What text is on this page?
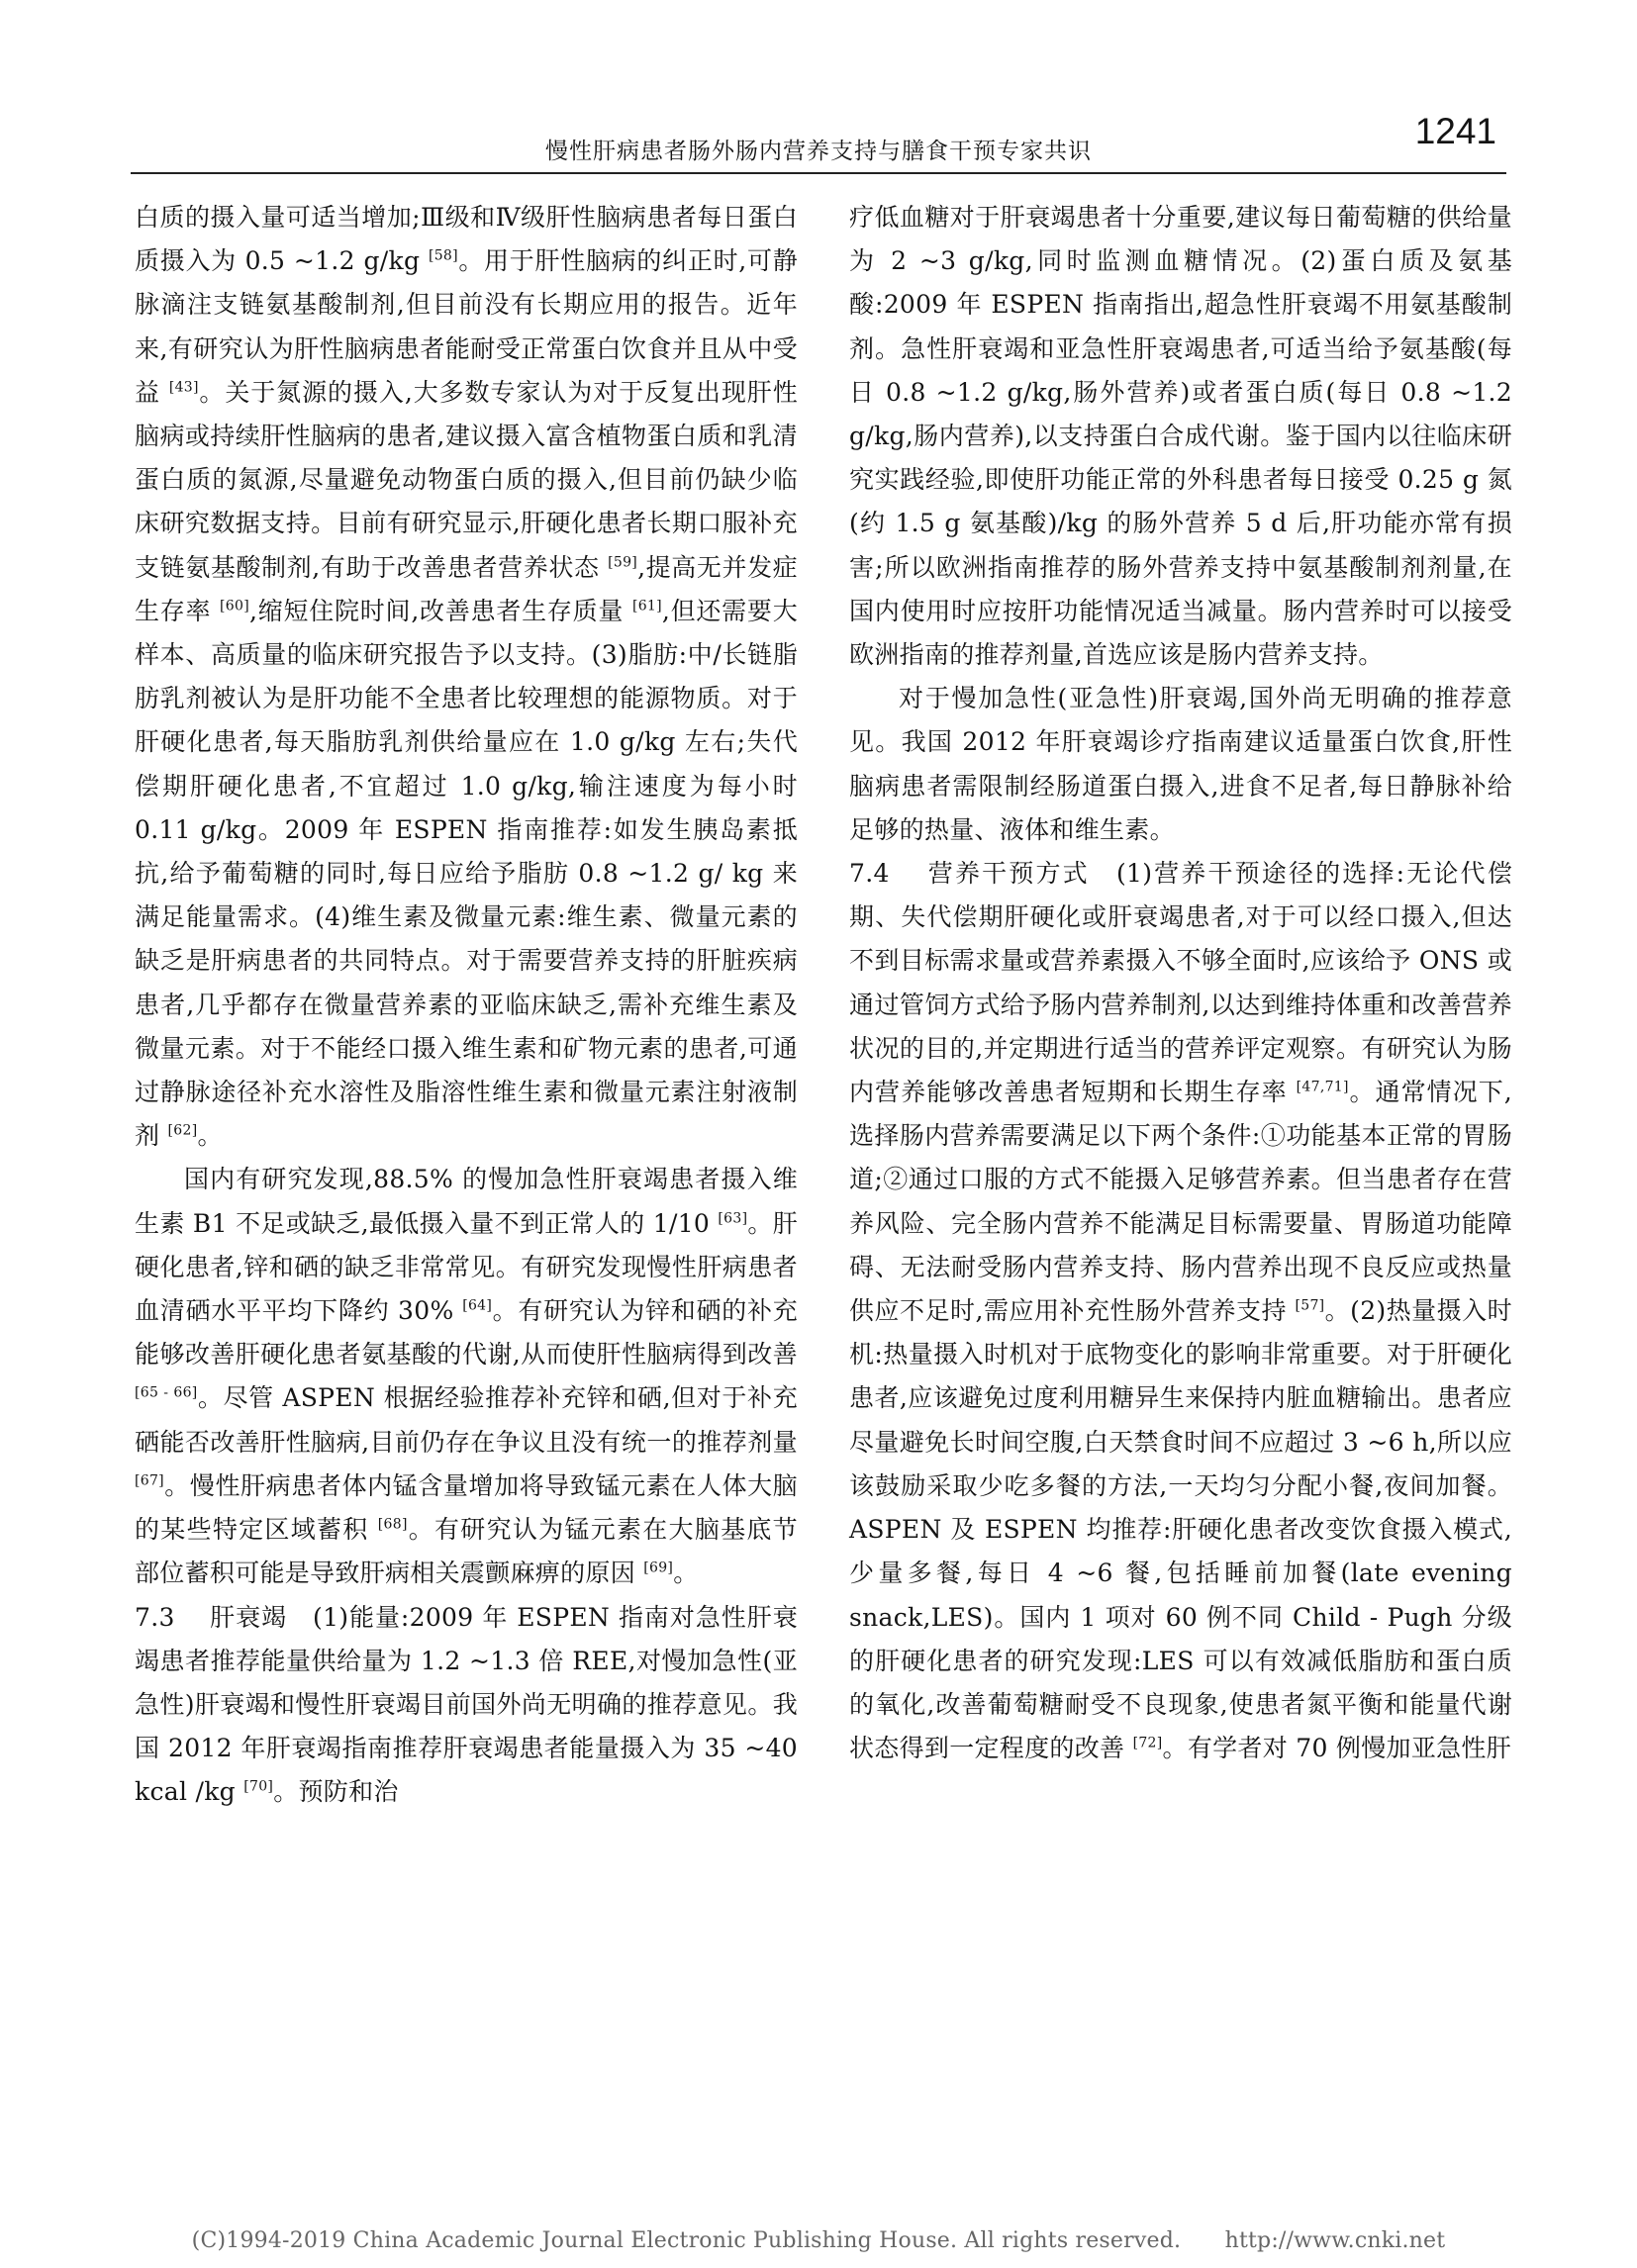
慢性肝病患者肠外肠内营养支持与膳食干预专家共识	1241

白质的摄入量可适当增加;Ⅲ级和Ⅳ级肝性脑病患者每日蛋白质摄入为 0.5 ~1.2 g/kg [58]。用于肝性脑病的纠正时,可静脉滴注支链氨基酸制剂,但目前没有长期应用的报告。近年来,有研究认为肝性脑病患者能耐受正常蛋白饮食并且从中受益 [43]。关于氮源的摄入,大多数专家认为对于反复出现肝性脑病或持续肝性脑病的患者,建议摄入富含植物蛋白质和乳清蛋白质的氮源,尽量避免动物蛋白质的摄入,但目前仍缺少临床研究数据支持。目前有研究显示,肝硬化患者长期口服补充支链氨基酸制剂,有助于改善患者营养状态 [59],提高无并发症生存率 [60],缩短住院时间,改善患者生存质量 [61],但还需要大样本、高质量的临床研究报告予以支持。(3)脂肪:中/长链脂肪乳剂被认为是肝功能不全患者比较理想的能源物质。对于肝硬化患者,每天脂肪乳剂供给量应在 1.0 g/kg 左右;失代偿期肝硬化患者,不宜超过 1.0 g/kg,输注速度为每小时 0.11 g/kg。2009 年 ESPEN 指南推荐:如发生胰岛素抵抗,给予葡萄糖的同时,每日应给予脂肪 0.8 ~1.2 g/ kg 来满足能量需求。(4)维生素及微量元素:维生素、微量元素的缺乏是肝病患者的共同特点。对于需要营养支持的肝脏疾病患者,几乎都存在微量营养素的亚临床缺乏,需补充维生素及微量元素。对于不能经口摄入维生素和矿物元素的患者,可通过静脉途径补充水溶性及脂溶性维生素和微量元素注射液制剂 [62]。

国内有研究发现,88.5% 的慢加急性肝衰竭患者摄入维生素 B1 不足或缺乏,最低摄入量不到正常人的 1/10 [63]。肝硬化患者,锌和硒的缺乏非常常见。有研究发现慢性肝病患者血清硒水平平均下降约 30% [64]。有研究认为锌和硒的补充能够改善肝硬化患者氨基酸的代谢,从而使肝性脑病得到改善 [65 - 66]。尽管 ASPEN 根据经验推荐补充锌和硒,但对于补充硒能否改善肝性脑病,目前仍存在争议且没有统一的推荐剂量 [67]。慢性肝病患者体内锰含量增加将导致锰元素在人体大脑的某些特定区域蓄积 [68]。有研究认为锰元素在大脑基底节部位蓄积可能是导致肝病相关震颤麻痹的原因 [69]。

7.3　 肝衰竭　(1)能量:2009 年 ESPEN 指南对急性肝衰竭患者推荐能量供给量为 1.2 ~1.3 倍 REE,对慢加急性(亚急性)肝衰竭和慢性肝衰竭目前国外尚无明确的推荐意见。我国 2012 年肝衰竭指南推荐肝衰竭患者能量摄入为 35 ~40 kcal /kg [70]。预防和治

疗低血糖对于肝衰竭患者十分重要,建议每日葡萄糖的供给量为 2 ~3 g/kg,同时监测血糖情况。(2)蛋白质及氨基酸:2009 年 ESPEN 指南指出,超急性肝衰竭不用氨基酸制剂。急性肝衰竭和亚急性肝衰竭患者,可适当给予氨基酸(每日 0.8 ~1.2 g/kg,肠外营养)或者蛋白质(每日 0.8 ~1.2 g/kg,肠内营养),以支持蛋白合成代谢。鉴于国内以往临床研究实践经验,即使肝功能正常的外科患者每日接受 0.25 g 氮(约 1.5 g 氨基酸)/kg 的肠外营养 5 d 后,肝功能亦常有损害;所以欧洲指南推荐的肠外营养支持中氨基酸制剂剂量,在国内使用时应按肝功能情况适当减量。肠内营养时可以接受欧洲指南的推荐剂量,首选应该是肠内营养支持。

对于慢加急性(亚急性)肝衰竭,国外尚无明确的推荐意见。我国 2012 年肝衰竭诊疗指南建议适量蛋白饮食,肝性脑病患者需限制经肠道蛋白摄入,进食不足者,每日静脉补给足够的热量、液体和维生素。

7.4　 营养干预方式　(1)营养干预途径的选择:无论代偿期、失代偿期肝硬化或肝衰竭患者,对于可以经口摄入,但达不到目标需求量或营养素摄入不够全面时,应该给予 ONS 或通过管饲方式给予肠内营养制剂,以达到维持体重和改善营养状况的目的,并定期进行适当的营养评定观察。有研究认为肠内营养能够改善患者短期和长期生存率 [47,71]。通常情况下,选择肠内营养需要满足以下两个条件:①功能基本正常的胃肠道;②通过口服的方式不能摄入足够营养素。但当患者存在营养风险、完全肠内营养不能满足目标需要量、胃肠道功能障碍、无法耐受肠内营养支持、肠内营养出现不良反应或热量供应不足时,需应用补充性肠外营养支持 [57]。(2)热量摄入时机:热量摄入时机对于底物变化的影响非常重要。对于肝硬化患者,应该避免过度利用糖异生来保持内脏血糖输出。患者应尽量避免长时间空腹,白天禁食时间不应超过 3 ~6 h,所以应该鼓励采取少吃多餐的方法,一天均匀分配小餐,夜间加餐。ASPEN 及 ESPEN 均推荐:肝硬化患者改变饮食摄入模式,少量多餐,每日 4 ~6 餐,包括睡前加餐(late evening snack,LES)。国内 1 项对 60 例不同 Child - Pugh 分级的肝硬化患者的研究发现:LES 可以有效减低脂肪和蛋白质的氧化,改善葡萄糖耐受不良现象,使患者氮平衡和能量代谢状态得到一定程度的改善 [72]。有学者对 70 例慢加亚急性肝

(C)1994-2019 China Academic Journal Electronic Publishing House. All rights reserved.　　http://www.cnki.net
